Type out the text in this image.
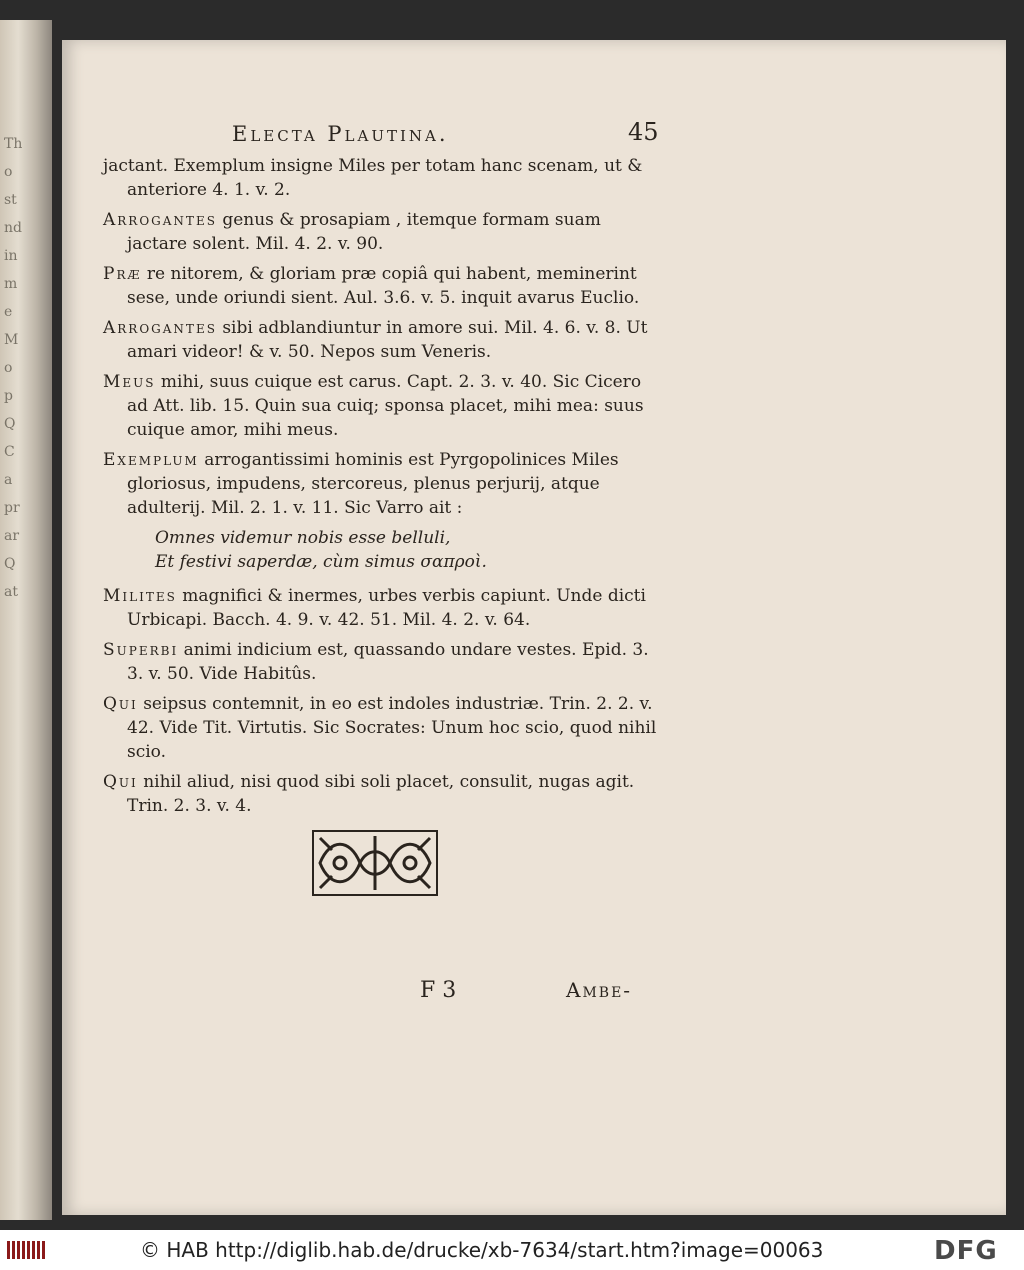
Th
o
st
nd
in
m
e
M
o
p
Q
C
a
pr
ar
Q
at
Electa Plautina.	45

jactant. Exemplum insigne Miles per totam hanc scenam, ut & anteriore 4. 1. v. 2.

Arrogantes genus & prosapiam , itemque formam suam jactare solent. Mil. 4. 2. v. 90.

Præ re nitorem, & gloriam præ copiâ qui habent, meminerint sese, unde oriundi sient. Aul. 3.6. v. 5. inquit avarus Euclio.

Arrogantes sibi adblandiuntur in amore sui. Mil. 4. 6. v. 8. Ut amari videor! & v. 50. Nepos sum Veneris.

Meus mihi, suus cuique est carus. Capt. 2. 3. v. 40. Sic Cicero ad Att. lib. 15. Quin sua cuiq; sponsa placet, mihi mea: suus cuique amor, mihi meus.

Exemplum arrogantissimi hominis est Pyrgopolinices Miles gloriosus, impudens, stercoreus, plenus perjurij, atque adulterij. Mil. 2. 1. v. 11. Sic Varro ait :

Omnes videmur nobis esse belluli,
Et festivi saperdæ, cùm simus σαπροὶ.

Milites magnifici & inermes, urbes verbis capiunt. Unde dicti Urbicapi. Bacch. 4. 9. v. 42. 51. Mil. 4. 2. v. 64.

Superbi animi indicium est, quassando undare vestes. Epid. 3. 3. v. 50. Vide Habitûs.

Qui seipsus contemnit, in eo est indoles industriæ. Trin. 2. 2. v. 42. Vide Tit. Virtutis. Sic Socrates: Unum hoc scio, quod nihil scio.

Qui nihil aliud, nisi quod sibi soli placet, consulit, nugas agit. Trin. 2. 3. v. 4.

F 3	Ambe-
© HAB http://diglib.hab.de/drucke/xb-7634/start.htm?image=00063	DFG
